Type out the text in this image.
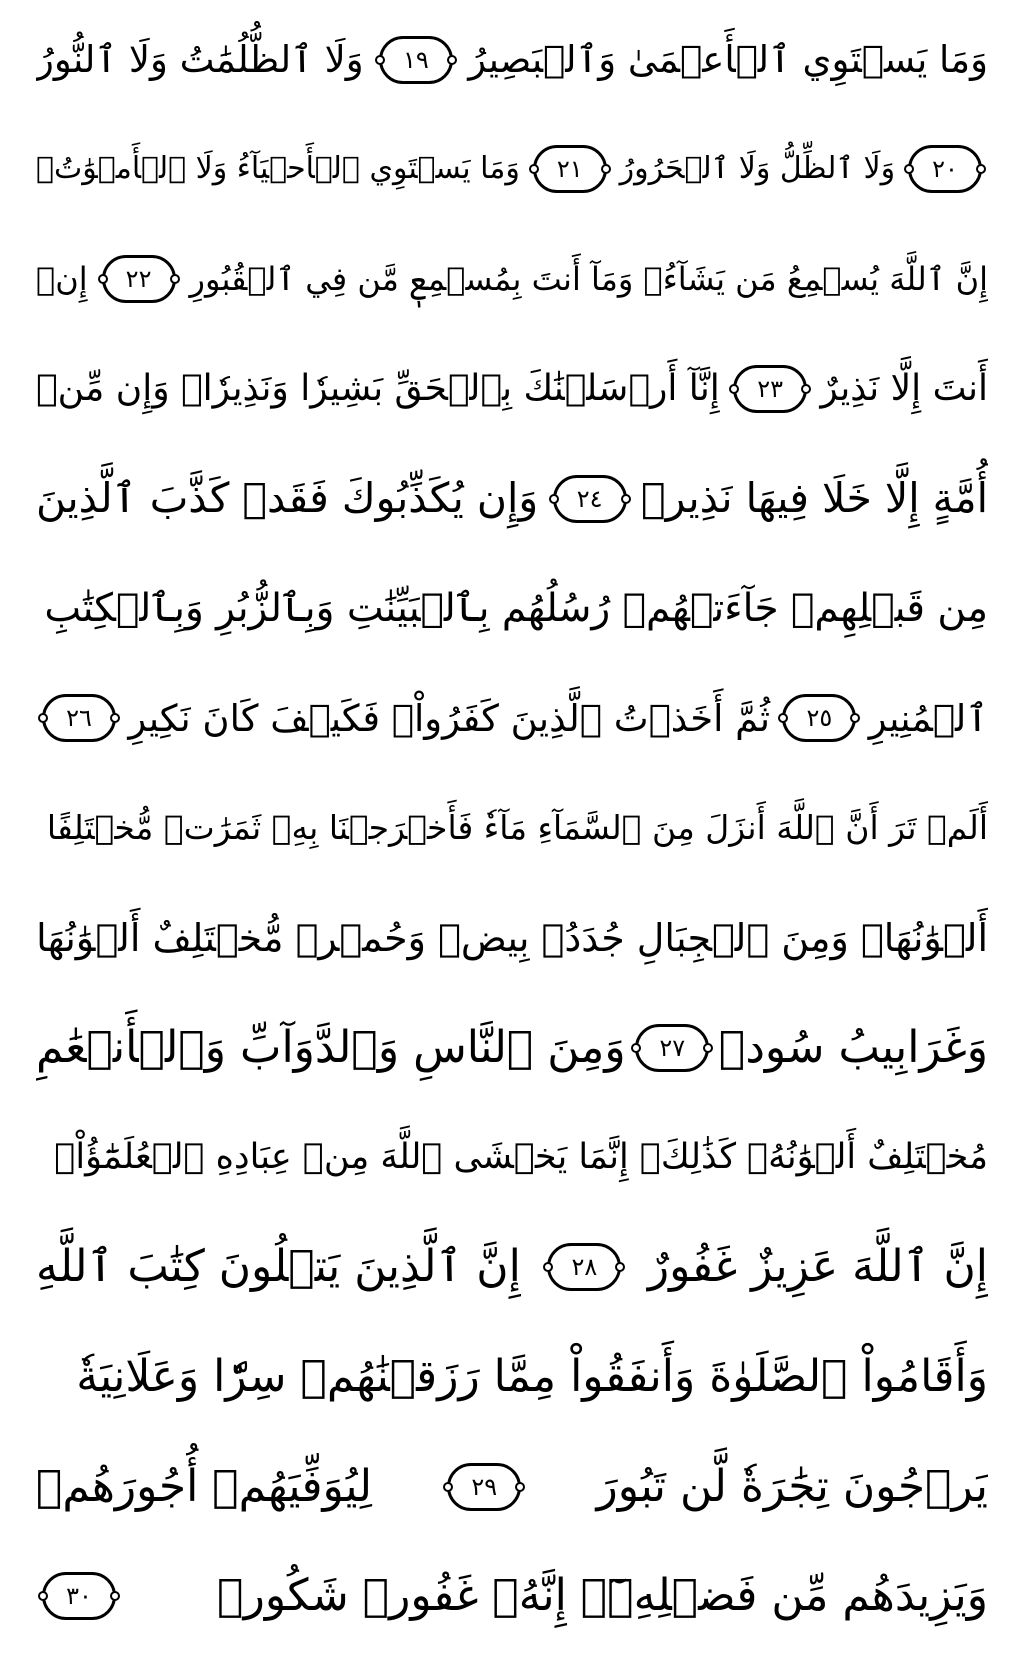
وَمَا يَسۡتَوِي ٱلۡأَعۡمَىٰ وَٱلۡبَصِيرُ
١٩
وَلَا ٱلظُّلُمَٰتُ وَلَا ٱلنُّورُ
٢٠
وَلَا ٱلظِّلُّ وَلَا ٱلۡحَرُورُ
٢١
وَمَا يَسۡتَوِي ٱلۡأَحۡيَآءُ وَلَا ٱلۡأَمۡوَٰتُۚ
إِنَّ ٱللَّهَ يُسۡمِعُ مَن يَشَآءُۖ وَمَآ أَنتَ بِمُسۡمِعٖ مَّن فِي ٱلۡقُبُورِ
٢٢
إِنۡ
أَنتَ إِلَّا نَذِيرٌ
٢٣
إِنَّآ أَرۡسَلۡنَٰكَ بِٱلۡحَقِّ بَشِيرٗا وَنَذِيرٗاۚ وَإِن مِّنۡ
أُمَّةٍ إِلَّا خَلَا فِيهَا نَذِيرٞ
٢٤
وَإِن يُكَذِّبُوكَ فَقَدۡ كَذَّبَ ٱلَّذِينَ
مِن قَبۡلِهِمۡ جَآءَتۡهُمۡ رُسُلُهُم بِٱلۡبَيِّنَٰتِ وَبِٱلزُّبُرِ وَبِٱلۡكِتَٰبِ
ٱلۡمُنِيرِ
٢٥
ثُمَّ أَخَذۡتُ ٱلَّذِينَ كَفَرُواْۖ فَكَيۡفَ كَانَ نَكِيرِ
٢٦
أَلَمۡ تَرَ أَنَّ ٱللَّهَ أَنزَلَ مِنَ ٱلسَّمَآءِ مَآءٗ فَأَخۡرَجۡنَا بِهِۦ ثَمَرَٰتٖ مُّخۡتَلِفًا
أَلۡوَٰنُهَاۚ وَمِنَ ٱلۡجِبَالِ جُدَدُۢ بِيضٞ وَحُمۡرٞ مُّخۡتَلِفٌ أَلۡوَٰنُهَا
وَغَرَابِيبُ سُودٞ
٢٧
وَمِنَ ٱلنَّاسِ وَٱلدَّوَآبِّ وَٱلۡأَنۡعَٰمِ
مُخۡتَلِفٌ أَلۡوَٰنُهُۥ كَذَٰلِكَۗ إِنَّمَا يَخۡشَى ٱللَّهَ مِنۡ عِبَادِهِ ٱلۡعُلَمَٰٓؤُاْۗ
إِنَّ ٱللَّهَ عَزِيزٌ غَفُورٌ
٢٨
إِنَّ ٱلَّذِينَ يَتۡلُونَ كِتَٰبَ ٱللَّهِ
وَأَقَامُواْ ٱلصَّلَوٰةَ وَأَنفَقُواْ مِمَّا رَزَقۡنَٰهُمۡ سِرّٗا وَعَلَانِيَةٗ
يَرۡجُونَ تِجَٰرَةٗ لَّن تَبُورَ
٢٩
لِيُوَفِّيَهُمۡ أُجُورَهُمۡ
وَيَزِيدَهُم مِّن فَضۡلِهِۦٓۚ إِنَّهُۥ غَفُورٞ شَكُورٞ
٣٠
